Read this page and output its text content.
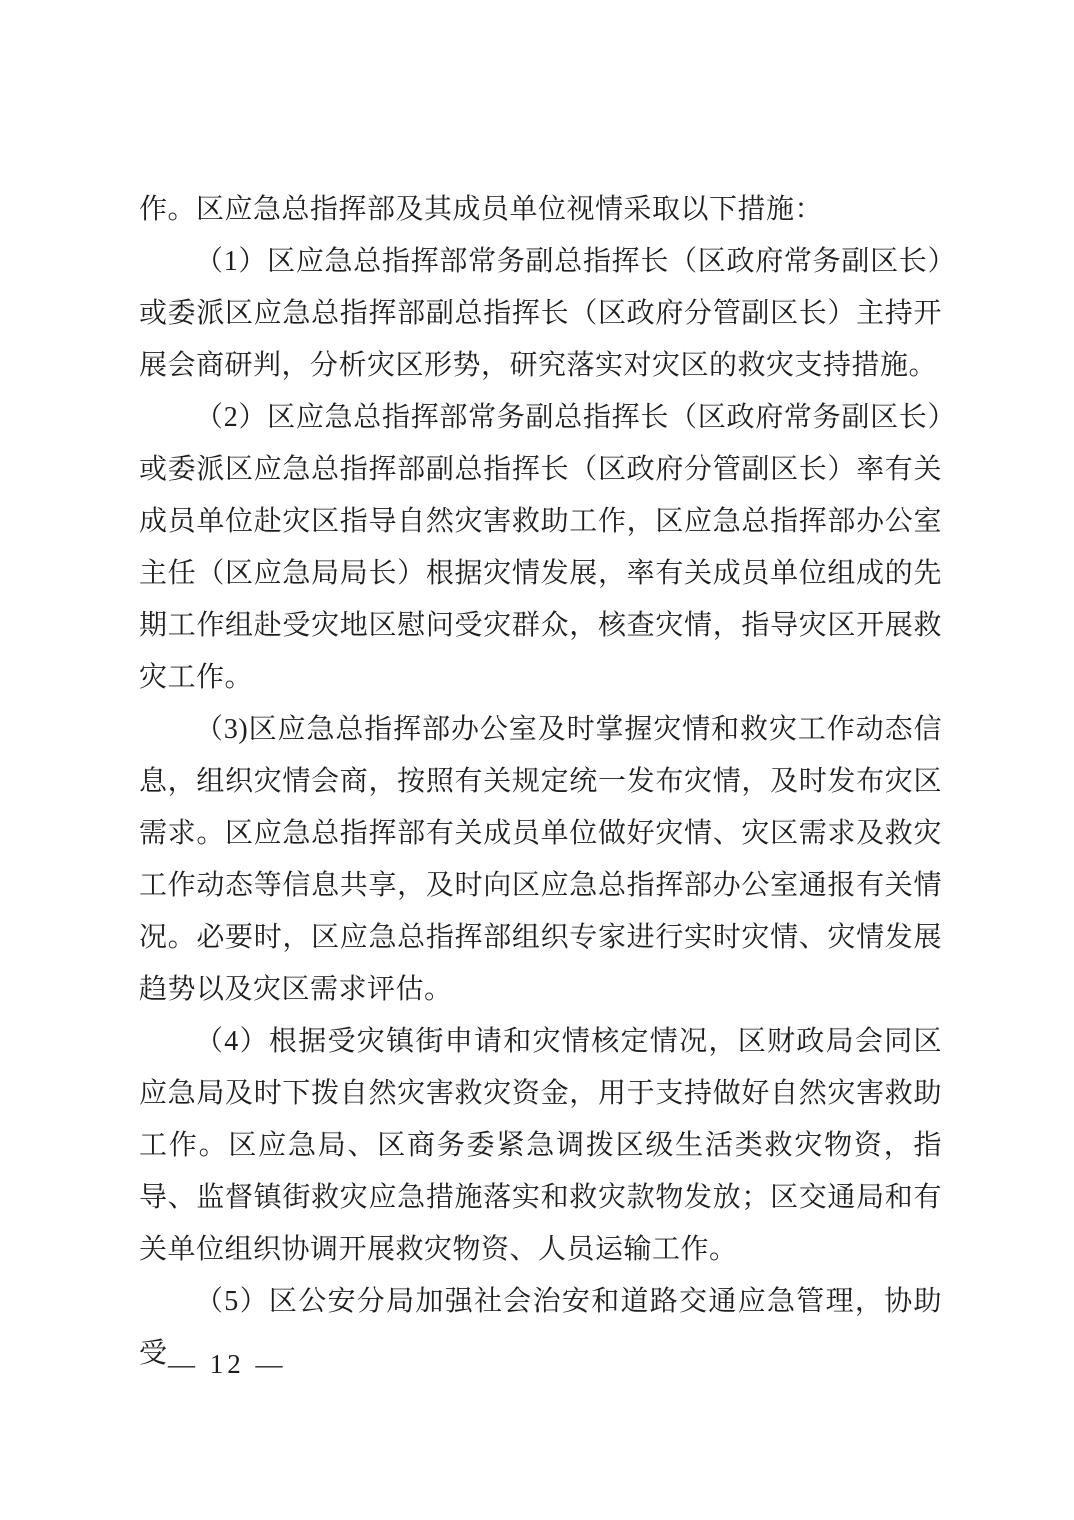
作。区应急总指挥部及其成员单位视情采取以下措施：

（1）区应急总指挥部常务副总指挥长（区政府常务副区长）或委派区应急总指挥部副总指挥长（区政府分管副区长）主持开展会商研判，分析灾区形势，研究落实对灾区的救灾支持措施。

（2）区应急总指挥部常务副总指挥长（区政府常务副区长）或委派区应急总指挥部副总指挥长（区政府分管副区长）率有关成员单位赴灾区指导自然灾害救助工作，区应急总指挥部办公室主任（区应急局局长）根据灾情发展，率有关成员单位组成的先期工作组赴受灾地区慰问受灾群众，核查灾情，指导灾区开展救灾工作。

（3)区应急总指挥部办公室及时掌握灾情和救灾工作动态信息，组织灾情会商，按照有关规定统一发布灾情，及时发布灾区需求。区应急总指挥部有关成员单位做好灾情、灾区需求及救灾工作动态等信息共享，及时向区应急总指挥部办公室通报有关情况。必要时，区应急总指挥部组织专家进行实时灾情、灾情发展趋势以及灾区需求评估。

（4）根据受灾镇街申请和灾情核定情况，区财政局会同区应急局及时下拨自然灾害救灾资金，用于支持做好自然灾害救助工作。区应急局、区商务委紧急调拨区级生活类救灾物资，指导、监督镇街救灾应急措施落实和救灾款物发放；区交通局和有关单位组织协调开展救灾物资、人员运输工作。

（5）区公安分局加强社会治安和道路交通应急管理，协助受 — 12 —
